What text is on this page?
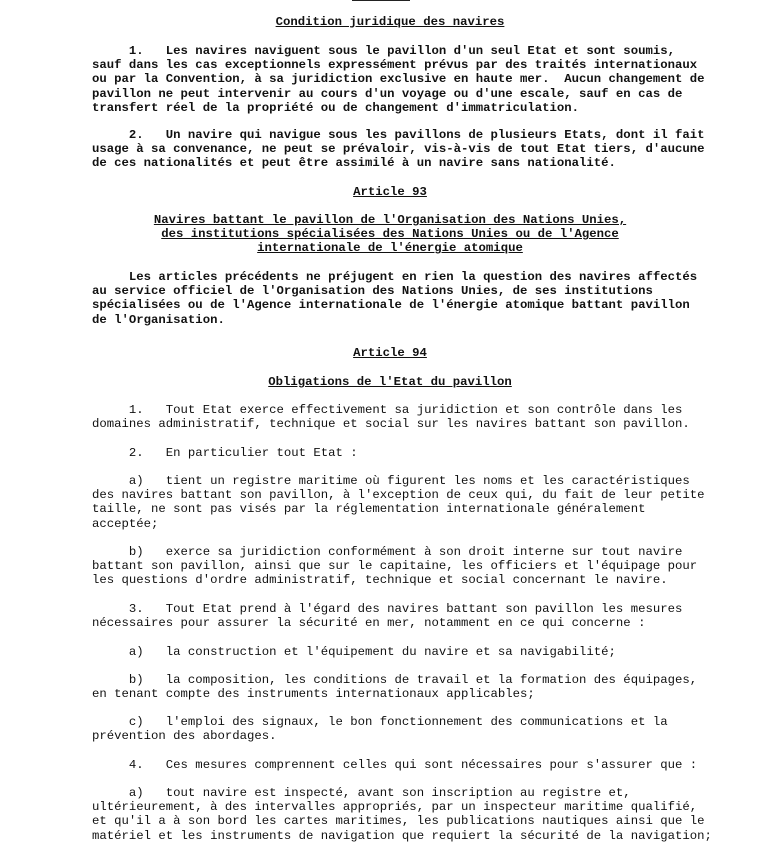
Condition juridique des navires
1.   Les navires naviguent sous le pavillon d'un seul Etat et sont soumis,
sauf dans les cas exceptionnels expressément prévus par des traités internationaux
ou par la Convention, à sa juridiction exclusive en haute mer.  Aucun changement de
pavillon ne peut intervenir au cours d'un voyage ou d'une escale, sauf en cas de
transfert réel de la propriété ou de changement d'immatriculation.
2.   Un navire qui navigue sous les pavillons de plusieurs Etats, dont il fait
usage à sa convenance, ne peut se prévaloir, vis-à-vis de tout Etat tiers, d'aucune
de ces nationalités et peut être assimilé à un navire sans nationalité.
Article 93
Navires battant le pavillon de l'Organisation des Nations Unies,
des institutions spécialisées des Nations Unies ou de l'Agence
internationale de l'énergie atomique
Les articles précédents ne préjugent en rien la question des navires affectés
au service officiel de l'Organisation des Nations Unies, de ses institutions
spécialisées ou de l'Agence internationale de l'énergie atomique battant pavillon
de l'Organisation.
Article 94
Obligations de l'Etat du pavillon
1.   Tout Etat exerce effectivement sa juridiction et son contrôle dans les
domaines administratif, technique et social sur les navires battant son pavillon.
2.   En particulier tout Etat :
a)   tient un registre maritime où figurent les noms et les caractéristiques
des navires battant son pavillon, à l'exception de ceux qui, du fait de leur petite
taille, ne sont pas visés par la réglementation internationale généralement
acceptée;
b)   exerce sa juridiction conformément à son droit interne sur tout navire
battant son pavillon, ainsi que sur le capitaine, les officiers et l'équipage pour
les questions d'ordre administratif, technique et social concernant le navire.
3.   Tout Etat prend à l'égard des navires battant son pavillon les mesures
nécessaires pour assurer la sécurité en mer, notamment en ce qui concerne :
a)   la construction et l'équipement du navire et sa navigabilité;
b)   la composition, les conditions de travail et la formation des équipages,
en tenant compte des instruments internationaux applicables;
c)   l'emploi des signaux, le bon fonctionnement des communications et la
prévention des abordages.
4.   Ces mesures comprennent celles qui sont nécessaires pour s'assurer que :
a)   tout navire est inspecté, avant son inscription au registre et,
ultérieurement, à des intervalles appropriés, par un inspecteur maritime qualifié,
et qu'il a à son bord les cartes maritimes, les publications nautiques ainsi que le
matériel et les instruments de navigation que requiert la sécurité de la navigation;
